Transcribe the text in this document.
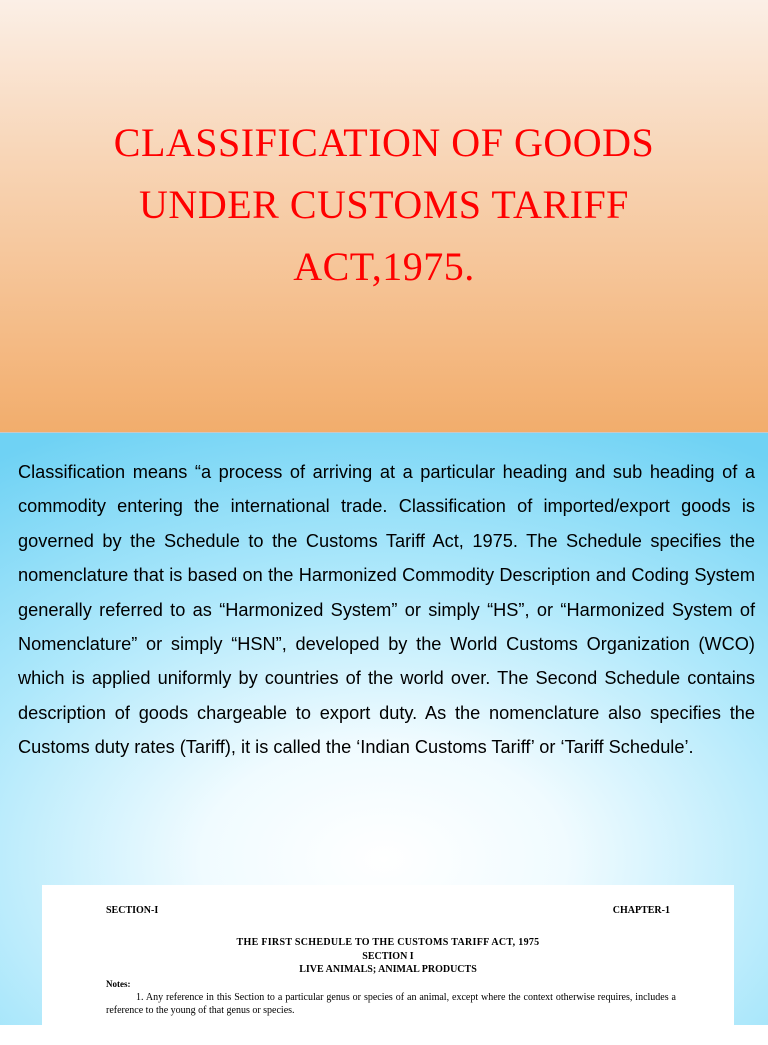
CLASSIFICATION OF GOODS
UNDER CUSTOMS TARIFF
ACT,1975.

Classification means “a process of arriving at a particular heading and sub heading of a commodity entering the international trade. Classification of imported/export goods is governed by the Schedule to the Customs Tariff Act, 1975. The Schedule specifies the nomenclature that is based on the Harmonized Commodity Description and Coding System generally referred to as “Harmonized System” or simply “HS”, or “Harmonized System of Nomenclature” or simply “HSN”, developed by the World Customs Organization (WCO) which is applied uniformly by countries of the world over. The Second Schedule contains description of goods chargeable to export duty. As the nomenclature also specifies the Customs duty rates (Tariff), it is called the ‘Indian Customs Tariff’ or ‘Tariff Schedule’.

SECTION-I	CHAPTER-1
THE FIRST SCHEDULE TO THE CUSTOMS TARIFF ACT, 1975
SECTION I
LIVE ANIMALS; ANIMAL PRODUCTS
Notes:
1. Any reference in this Section to a particular genus or species of an animal, except where the context otherwise requires, includes a reference to the young of that genus or species.
